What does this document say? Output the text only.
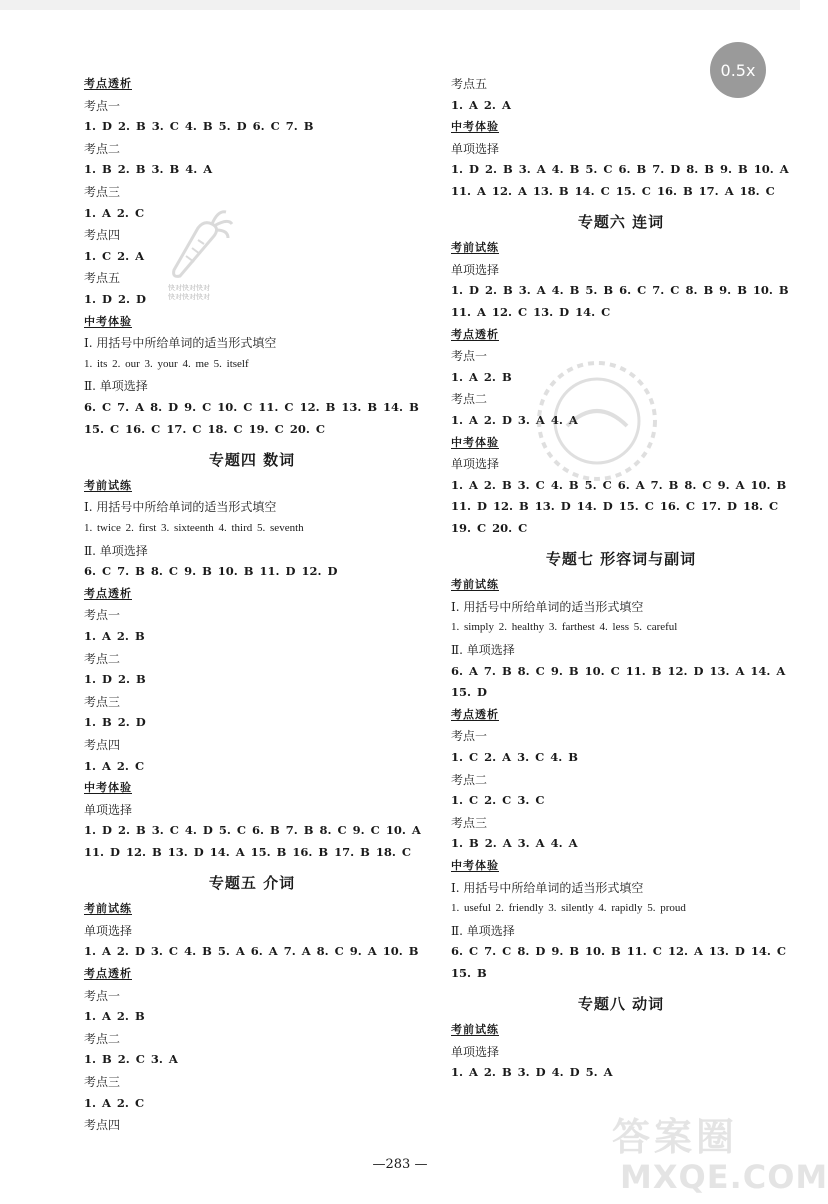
考点透析
考点一
1. D 2. B 3. C 4. B 5. D 6. C 7. B
考点二
1. B 2. B 3. B 4. A
考点三
1. A 2. C
考点四
1. C 2. A
考点五
1. D 2. D
中考体验
Ⅰ. 用括号中所给单词的适当形式填空
1. its 2. our 3. your 4. me 5. itself
Ⅱ. 单项选择
6. C 7. A 8. D 9. C 10. C 11. C 12. B 13. B 14. B
15. C 16. C 17. C 18. C 19. C 20. C
专题四 数词
考前试练
Ⅰ. 用括号中所给单词的适当形式填空
1. twice 2. first 3. sixteenth 4. third 5. seventh
Ⅱ. 单项选择
6. C 7. B 8. C 9. B 10. B 11. D 12. D
考点透析
考点一
1. A 2. B
考点二
1. D 2. B
考点三
1. B 2. D
考点四
1. A 2. C
中考体验
单项选择
1. D 2. B 3. C 4. D 5. C 6. B 7. B 8. C 9. C 10. A
11. D 12. B 13. D 14. A 15. B 16. B 17. B 18. C
专题五 介词
考前试练
单项选择
1. A 2. D 3. C 4. B 5. A 6. A 7. A 8. C 9. A 10. B
考点透析
考点一
1. A 2. B
考点二
1. B 2. C 3. A
考点三
1. A 2. C
考点四
考点五
1. A 2. A
中考体验
单项选择
1. D 2. B 3. A 4. B 5. C 6. B 7. D 8. B 9. B 10. A
11. A 12. A 13. B 14. C 15. C 16. B 17. A 18. C
专题六 连词
考前试练
单项选择
1. D 2. B 3. A 4. B 5. B 6. C 7. C 8. B 9. B 10. B
11. A 12. C 13. D 14. C
考点透析
考点一
1. A 2. B
考点二
1. A 2. D 3. A 4. A
中考体验
单项选择
1. A 2. B 3. C 4. B 5. C 6. A 7. B 8. C 9. A 10. B
11. D 12. B 13. D 14. D 15. C 16. C 17. D 18. C
19. C 20. C
专题七 形容词与副词
考前试练
Ⅰ. 用括号中所给单词的适当形式填空
1. simply 2. healthy 3. farthest 4. less 5. careful
Ⅱ. 单项选择
6. A 7. B 8. C 9. B 10. C 11. B 12. D 13. A 14. A
15. D
考点透析
考点一
1. C 2. A 3. C 4. B
考点二
1. C 2. C 3. C
考点三
1. B 2. A 3. A 4. A
中考体验
Ⅰ. 用括号中所给单词的适当形式填空
1. useful 2. friendly 3. silently 4. rapidly 5. proud
Ⅱ. 单项选择
6. C 7. C 8. D 9. B 10. B 11. C 12. A 13. D 14. C
15. B
专题八 动词
考前试练
单项选择
1. A 2. B 3. D 4. D 5. A
快对快对快对
快对快对快对
答案圈
MXQE.COM
0.5x
—283 —
